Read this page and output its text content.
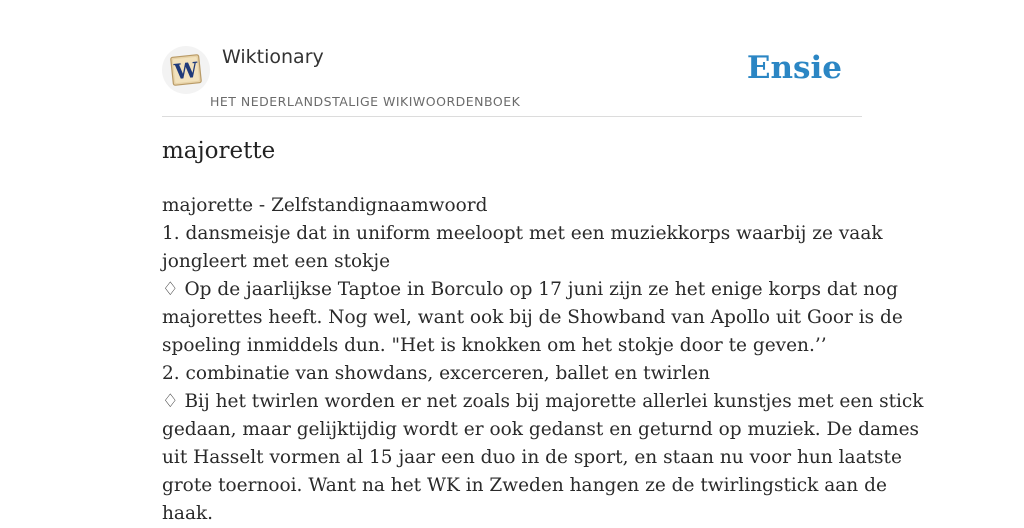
W Wiktionary
HET NEDERLANDSTALIGE WIKIWOORDENBOEK
Ensie
majorette
majorette - Zelfstandignaamwoord
1. dansmeisje dat in uniform meeloopt met een muziekkorps waarbij ze vaak
jongleert met een stokje
♢ Op de jaarlijkse Taptoe in Borculo op 17 juni zijn ze het enige korps dat nog
majorettes heeft. Nog wel, want ook bij de Showband van Apollo uit Goor is de
spoeling inmiddels dun. "Het is knokken om het stokje door te geven.’’
2. combinatie van showdans, excerceren, ballet en twirlen
♢ Bij het twirlen worden er net zoals bij majorette allerlei kunstjes met een stick
gedaan, maar gelijktijdig wordt er ook gedanst en geturnd op muziek. De dames
uit Hasselt vormen al 15 jaar een duo in de sport, en staan nu voor hun laatste
grote toernooi. Want na het WK in Zweden hangen ze de twirlingstick aan de
haak.
